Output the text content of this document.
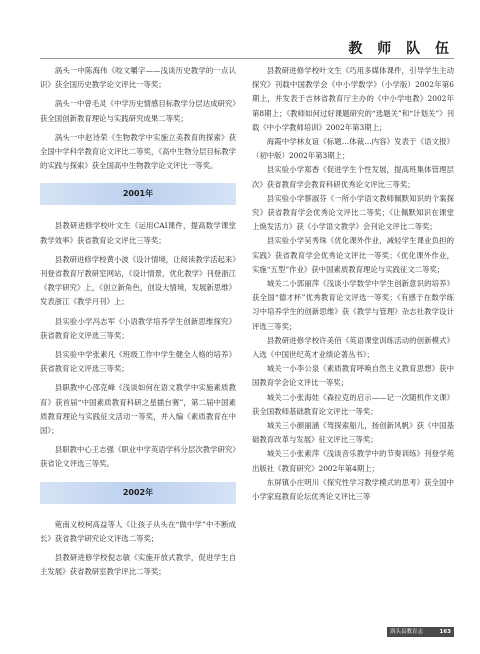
教 师 队 伍

涡头一中陈海伟《咬文嚼字——浅谈历史教学的一点认识》获全国历史教学论文评比一等奖；

涡头一中曾毛灵《中学历史情感目标教学分层达成研究》获全国创新教育理论与实践研究成果二等奖；

涡头一中赵诗荣《生物教学中实施立美教育的探索》获全国中学科学教育论文评比二等奖，《高中生物分层目标教学的实践与探索》获全国高中生物教学论文评比一等奖。

2001年

县教研进修学校叶文生《运用CAI课件，提高数学课堂教学效率》获省教育论文评比三等奖；

县教研进修学校黄小波《设计情境，让阅读教学活起来》刊登省教育厅教研室网站，《设计情景，优化教学》刊登浙江《教学研究》上，《创立新角色，创设大情境，发展新思维》发表浙江《教学月刊》上；

县实验小学冯志军《小语教学培养学生创新思维探究》获省教育论文评选三等奖；

县实验中学张素凡《班级工作中学生健全人格的培养》获省教育论文评选三等奖；

县职教中心邵克峰《浅谈如何在语文教学中实施素质教育》获首届“中国素质教育科研之星擂台赛”，第二届中国素质教育理论与实践征文活动一等奖，并入编《素质教育在中国》；

县职教中心王志强《职业中学英语学科分层次教学研究》获省论文评选三等奖。

2002年

菀南义校柯高益等人《让孩子从头在“做中学”中不断成长》获省教学研究论文评选二等奖；

县教研进修学校倪志敏《实施开放式教学，促进学生自主发展》获省教研室教学评比二等奖；

县教研进修学校叶文生《巧用多媒体课件，引导学生主动探究》刊载中国教学会《中小学数学》（小学版）2002年第6期上，并发表于吉林省教育厅主办的《中小学电教》2002年第8期上；《教师如何过好课题研究的“选题关”和“计划关”》刊载《中小学教师培训》2002年第3期上；

海霞中学林友谊《标题…体裁…内容》发表于《语文报》（初中版）2002年第3期上；

县实验小学郑香《促进学生个性发展，提高班集体管理层次》获省教育学会教育科研优秀论文评比三等奖；

县实验小学蔡淑芬《一所小学语文教师佩默知识的个案探究》获省教育学会优秀论文评比二等奖；《让佩默知识在课堂上焕发活力》获《小学语文教学》会刊论文评比二等奖；

县实验小学吴秀珠《优化课外作业，减轻学生课业负担的实践》获省教育学会优秀论文评比一等奖；《优化课外作业，实施“五型”作业》获中国素质教育理论与实践征文二等奖；

城关二小郭丽萍《浅谈小学数学中学生创新意识的培养》获全国“德才杯”优秀教育论文评选一等奖；《有感于在数学练习中培养学生的创新思维》获《教学与管理》杂志社教学设计评选三等奖；

县教研进修学校许美佰《英语课堂训练活动的创新模式》入选《中国世纪英才业绩论著丛书》；

城关一小李公泉《素质教育呼唤自然主义教育思想》获中国教育学会论文评比一等奖；

城关二小张海娃《森拉克的启示——记一次随机作文课》获全国教师基础教育论文评比一等奖；

城关三小颜丽涵《驾探索船儿，扬创新风帆》获《中国基础教育改革与发展》征文评比三等奖；

城关三小张素萍《浅谈音乐教学中的节奏训练》刊登学苑出版社《教育研究》2002年第4期上；

东屏镇小庄明川《探究性学习教学模式的思考》获全国中小学家庭教育论坛优秀论文评比三等

涡头县教育志	163
